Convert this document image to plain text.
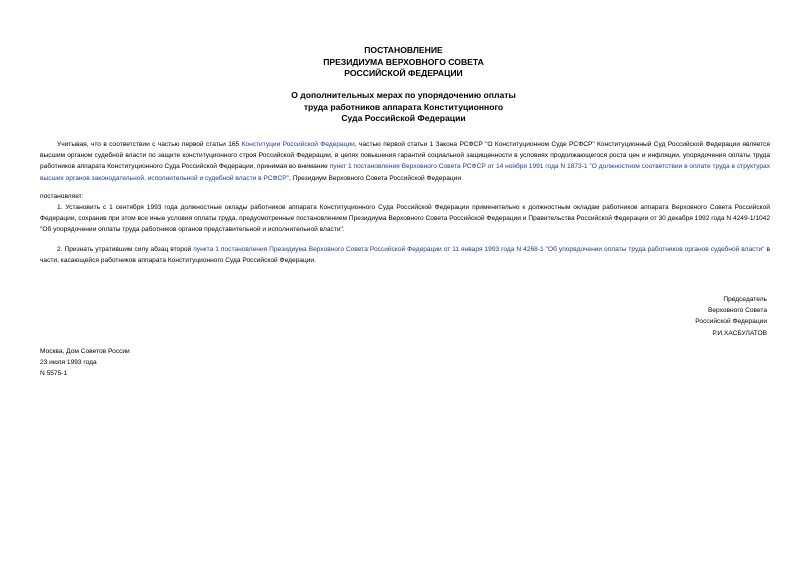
ПОСТАНОВЛЕНИЕ
ПРЕЗИДИУМА ВЕРХОВНОГО СОВЕТА
РОССИЙСКОЙ ФЕДЕРАЦИИ
О дополнительных мерах по упорядочению оплаты
труда работников аппарата Конституционного
Суда Российской Федерации

Учитывая, что в соответствии с частью первой статьи 165 Конституции Российской Федерации, частью первой статьи 1 Закона РСФСР "О Конституционном Суде РСФСР" Конституционный Суд Российской Федерации является высшим органом судебной власти по защите конституционного строя Российской Федерации, в целях повышения гарантий социальной защищенности в условиях продолжающегося роста цен и инфляции, упорядочения оплаты труда работников аппарата Конституционного Суда Российской Федерации, принимая во внимание пункт 1 постановления Верховного Совета РСФСР от 14 ноября 1991 года N 1873-1 "О должностном соответствии в оплате труда в структурах высших органов законодательной, исполнительной и судебной власти в РСФСР", Президиум Верховного Совета Российской Федерации

постановляет:

1. Установить с 1 сентября 1993 года должностные оклады работников аппарата Конституционного Суда Российской Федерации применительно к должностным окладам работников аппарата Верховного Совета Российской Федерации, сохранив при этом все иные условия оплаты труда, предусмотренные постановлением Президиума Верховного Совета Российской Федерации и Правительства Российской Федерации от 30 декабря 1992 года N 4249-1/1042 "Об упорядочении оплаты труда работников органов представительной и исполнительной власти".

2. Признать утратившим силу абзац второй пункта 1 постановления Президиума Верховного Совета Российской Федерации от 11 января 1993 года N 4268-1 "Об упорядочении оплаты труда работников органов судебной власти" в части, касающейся работников аппарата Конституционного Суда Российской Федерации.

Председатель
Верховного Совета
Российской Федерации
Р.И.ХАСБУЛАТОВ
Москва, Дом Советов России
23 июля 1993 года
N 5575-1
